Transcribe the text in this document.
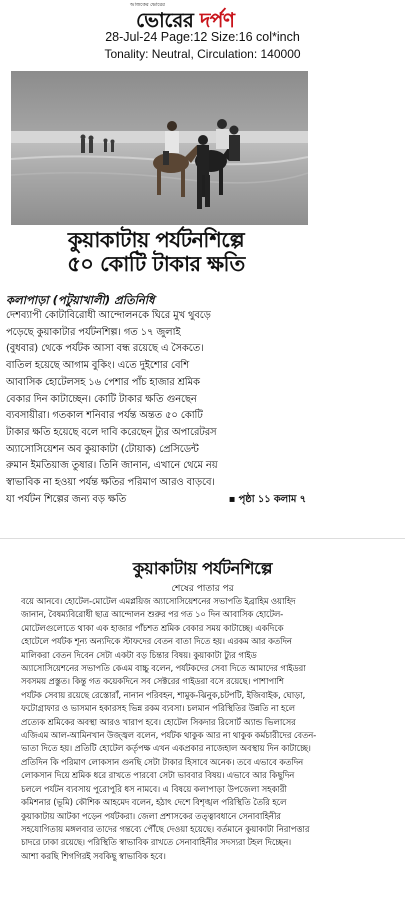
আজকের ভোরের
ভোরের দর্পণ
28-Jul-24 Page:12 Size:16 col*inch
Tonality: Neutral, Circulation: 140000
কুয়াকাটায় পর্যটনশিল্পে
৫০ কোটি টাকার ক্ষতি
কলাপাড়া (পটুয়াখালী) প্রতিনিধি
দেশব্যাপী কোটাবিরোধী আন্দোলনকে ঘিরে মুখ থুবড়ে
পড়েছে কুয়াকাটার পর্যটনশিল্প। গত ১৭ জুলাই
(বুধবার) থেকে পর্যটক আসা বন্ধ রয়েছে এ সৈকতে।
বাতিল হয়েছে আগাম বুকিং। এতে দুইশোর বেশি
আবাসিক হোটেলসহ ১৬ পেশার পাঁচ হাজার শ্রমিক
বেকার দিন কাটাচ্ছেন। কোটি টাকার ক্ষতি গুনছেন
ব্যবসায়ীরা। গতকাল শনিবার পর্যন্ত অন্তত ৫০ কোটি
টাকার ক্ষতি হয়েছে বলে দাবি করেছেন ট্যুর অপারেটরস
অ্যাসোসিয়েশন অব কুয়াকাটা (টোয়াক) প্রেসিডেন্ট
রুমান ইমতিয়াজ তুষার। তিনি জানান, এখানে থেমে নয়
স্বাভাবিক না হওয়া পর্যন্ত ক্ষতির পরিমাণ আরও বাড়বে।
যা পর্যটন শিল্পের জন্য বড় ক্ষতি	▪ পৃষ্ঠা ১১ কলাম ৭
কুয়াকাটায় পর্যটনশিল্পে
শেষের পাতার পর
বয়ে আনবে। হোটেল-মোটেল এমপ্লয়িজ অ্যাসোসিয়েশনের সভাপতি ইব্রাহিম ওয়াহিদ
জানান, বৈষম্যবিরোধী ছাত্র আন্দোলন শুরুর পর গত ১০ দিন আবাসিক হোটেল-
মোটেলগুলোতে থাকা এক হাজার পাঁচশত শ্রমিক বেকার সময় কাটাচ্ছে। একদিকে
হোটেলে পর্যটক শূন্য অন্যদিকে স্টাফদের বেতন বাতা দিতে হয়। এরকম আর কতদিন
মালিকরা বেতন দিবেন সেটা একটা বড় চিন্তার বিষয়। কুয়াকাটা ট্যুর গাইড
অ্যাসোসিয়েশনের সভাপতি কেএম বাচ্চু বলেন, পর্যটকদের সেবা দিতে আমাদের গাইডরা
সবসময় প্রস্তুত। কিন্তু গত কয়েকদিনে সব সেক্টরের গাইডরা বসে রয়েছে। পাশাপাশি
পর্যটক সেবায় রয়েছে রেস্তোরাঁ, নানান পরিবহন, শামুক-ঝিনুক,চটপটি, ইজিবাইক, ঘোড়া,
ফটোগ্রাফার ও ভাসমান হকারসহ ভিন্ন রকম ব্যবসা। চলমান পরিস্থিতির উন্নতি না হলে
প্রত্যেক শ্রমিকের অবস্থা আরও খারাপ হবে। হোটেল সিকদার রিসোর্ট অ্যান্ড ভিলাসের
এজিএম আল-আমিনখান উজ্জ্বল বলেন, পর্যটক থাকুক আর না থাকুক কর্মচারীদের বেতন-
ভাতা দিতে হয়। প্রতিটি হোটেল কর্তৃপক্ষ এখন একপ্রকার নাজেহাল অবস্থায় দিন কাটাচ্ছে।
প্রতিদিন কি পরিমাণ লোকসান গুনছি সেটা টাকার হিসাবে অনেক। তবে এভাবে কতদিন
লোকসান দিয়ে শ্রমিক ধরে রাখতে পারবো সেটা ভাববার বিষয়। এভাবে আর কিছুদিন
চললে পর্যটন ব্যবসায় পুরোপুরি ধস নামবে। এ বিষয়ে কলাপাড়া উপজেলা সহকারী
কমিশনার (ভূমি) কৌশিক আহমেদ বলেন, হঠাৎ দেশে বিশৃঙ্খল পরিস্থিতি তৈরি হলে
কুয়াকাটায় আটকা পড়েন পর্যটকরা। জেলা প্রশাসকের তত্ত্বাবধানে সেনাবাহিনীর
সহযোগিতায় মঙ্গলবার তাদের গন্তব্যে পৌঁছে দেওয়া হয়েছে। বর্তমানে কুয়াকাটা নিরাপত্তার
চাদরে ঢাকা রয়েছে। পরিস্থিতি স্বাভাবিক রাখতে সেনাবাহিনীর সদস্যরা টহল দিচ্ছেন।
আশা করছি শিগগিরই সবকিছু স্বাভাবিক হবে।
